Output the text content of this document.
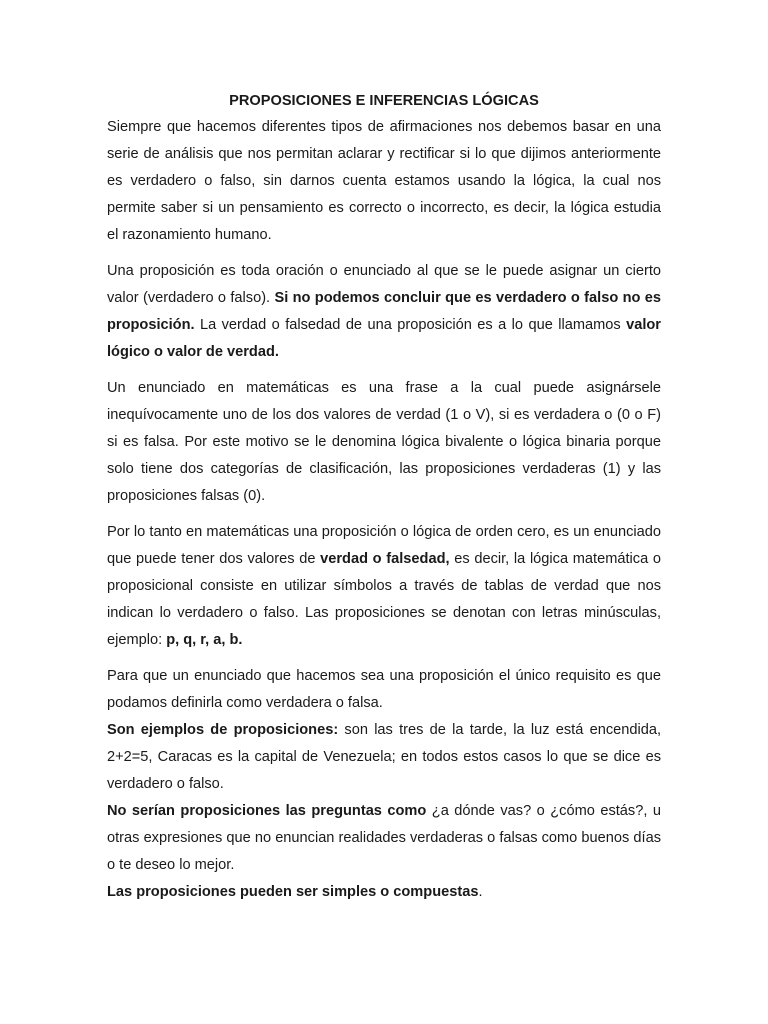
PROPOSICIONES E INFERENCIAS LÓGICAS

Siempre que hacemos diferentes tipos de afirmaciones nos debemos basar en una serie de análisis que nos permitan aclarar y rectificar si lo que dijimos anteriormente es verdadero o falso, sin darnos cuenta estamos usando la lógica, la cual nos permite saber si un pensamiento es correcto o incorrecto, es decir, la lógica estudia el razonamiento humano.

Una proposición es toda oración o enunciado al que se le puede asignar un cierto valor (verdadero o falso). Si no podemos concluir que es verdadero o falso no es proposición. La verdad o falsedad de una proposición es a lo que llamamos valor lógico o valor de verdad.

Un enunciado en matemáticas es una frase a la cual puede asignársele inequívocamente uno de los dos valores de verdad (1 o V), si es verdadera o (0 o F) si es falsa. Por este motivo se le denomina lógica bivalente o lógica binaria porque solo tiene dos categorías de clasificación, las proposiciones verdaderas (1) y las proposiciones falsas (0).

Por lo tanto en matemáticas una proposición o lógica de orden cero, es un enunciado que puede tener dos valores de verdad o falsedad, es decir, la lógica matemática o proposicional consiste en utilizar símbolos a través de tablas de verdad que nos indican lo verdadero o falso. Las proposiciones se denotan con letras minúsculas, ejemplo: p, q, r, a, b.

Para que un enunciado que hacemos sea una proposición el único requisito es que podamos definirla como verdadera o falsa.

Son ejemplos de proposiciones: son las tres de la tarde, la luz está encendida, 2+2=5, Caracas es la capital de Venezuela; en todos estos casos lo que se dice es verdadero o falso.

No serían proposiciones las preguntas como ¿a dónde vas? o ¿cómo estás?, u otras expresiones que no enuncian realidades verdaderas o falsas como buenos días o te deseo lo mejor.

Las proposiciones pueden ser simples o compuestas.
